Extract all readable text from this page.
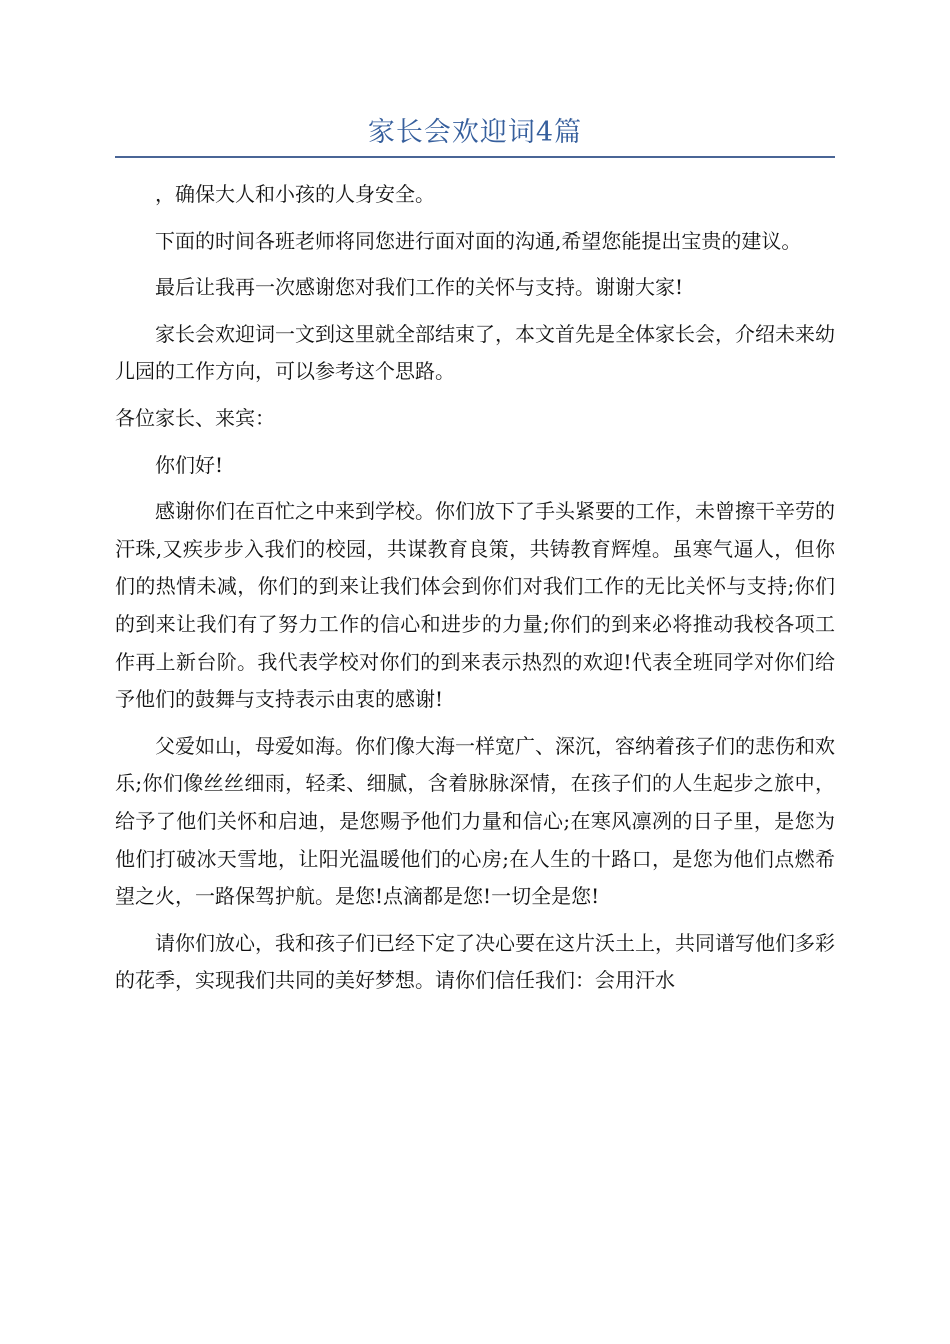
家长会欢迎词4篇

，确保大人和小孩的人身安全。

下面的时间各班老师将同您进行面对面的沟通,希望您能提出宝贵的建议。

最后让我再一次感谢您对我们工作的关怀与支持。谢谢大家!

家长会欢迎词一文到这里就全部结束了，本文首先是全体家长会，介绍未来幼儿园的工作方向，可以参考这个思路。

各位家长、来宾：

你们好!

感谢你们在百忙之中来到学校。你们放下了手头紧要的工作，未曾擦干辛劳的汗珠,又疾步步入我们的校园，共谋教育良策，共铸教育辉煌。虽寒气逼人，但你们的热情未减，你们的到来让我们体会到你们对我们工作的无比关怀与支持;你们的到来让我们有了努力工作的信心和进步的力量;你们的到来必将推动我校各项工作再上新台阶。我代表学校对你们的到来表示热烈的欢迎!代表全班同学对你们给予他们的鼓舞与支持表示由衷的感谢!

父爱如山，母爱如海。你们像大海一样宽广、深沉，容纳着孩子们的悲伤和欢乐;你们像丝丝细雨，轻柔、细腻，含着脉脉深情，在孩子们的人生起步之旅中，给予了他们关怀和启迪，是您赐予他们力量和信心;在寒风凛冽的日子里，是您为他们打破冰天雪地，让阳光温暖他们的心房;在人生的十路口，是您为他们点燃希望之火，一路保驾护航。是您!点滴都是您!一切全是您!

请你们放心，我和孩子们已经下定了决心要在这片沃土上，共同谱写他们多彩的花季，实现我们共同的美好梦想。请你们信任我们：会用汗水
